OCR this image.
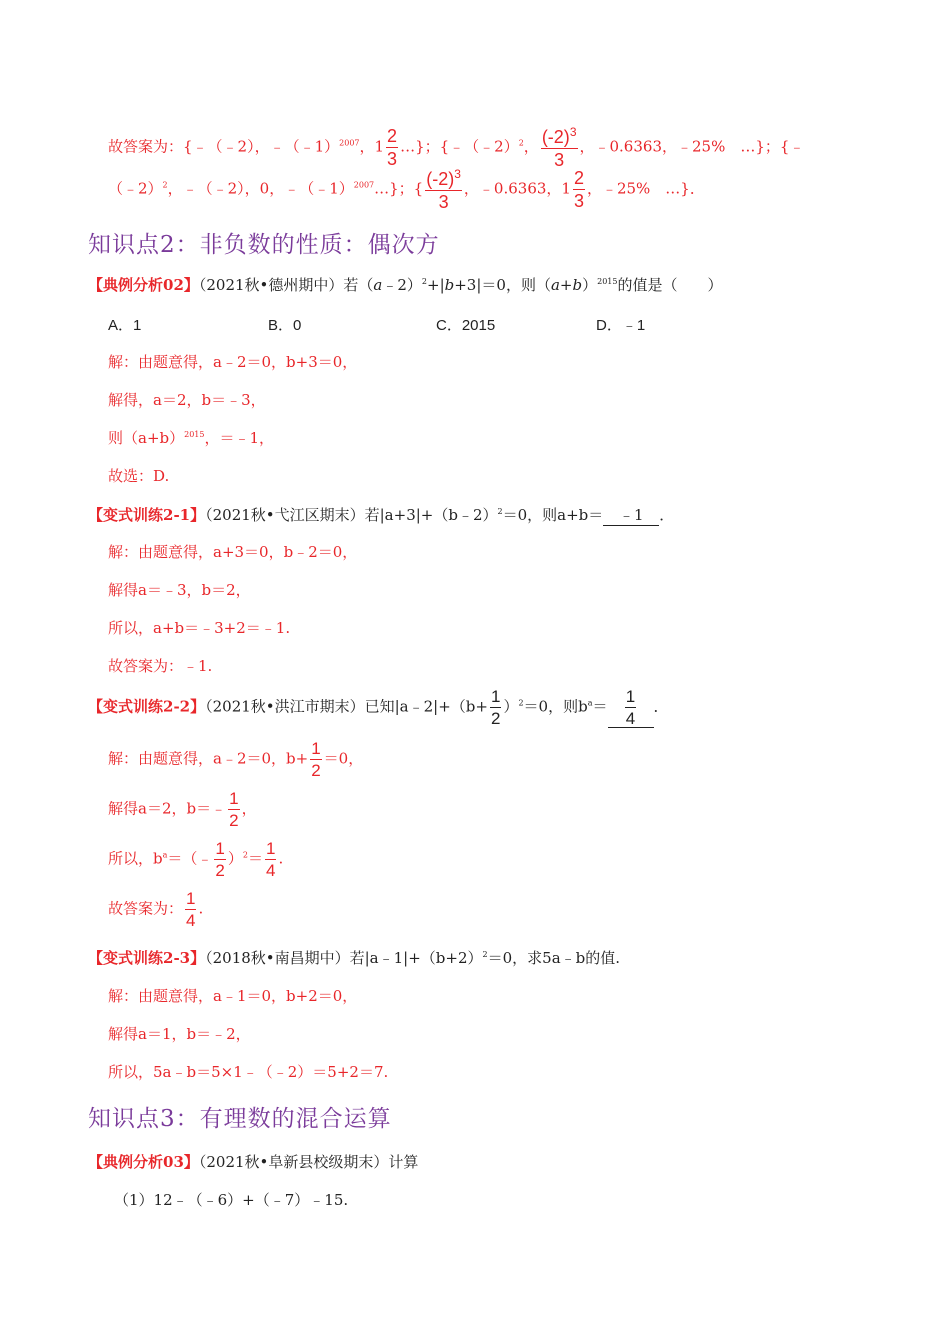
故答案为：{﹣（﹣2），﹣（﹣1）$^{2007}$，$1 \frac{2}{3}$ …}；{﹣（﹣2）$^2$， $\frac{(-2)^3}{3}$ ，﹣0.6363，﹣25%　…}；{﹣
（﹣2）$^2$，﹣（﹣2），0，﹣（﹣1）$^{2007}$…}；{ $\frac{(-2)^3}{3}$ ，﹣0.6363，$1 \frac{2}{3}$ ，﹣25%　…}．
知识点2：非负数的性质：偶次方
【典例分析02】（2021秋•德州期中）若（a﹣2）$^2$+|b+3|＝0，则$(a+b)^{2015}$的值是（　　）
A．1	B．0	C．2015	D．﹣1
解：由题意得，a﹣2＝0，b+3＝0，
解得，a＝2，b＝﹣3，
则$(a+b)^{2015}$，＝﹣1，
故选：D.
【变式训练2-1】（2021秋•弋江区期末）若|a+3|+（b﹣2）$^2$＝0，则a+b＝ ﹣1 ．
解：由题意得，a+3＝0，b﹣2＝0，
解得a＝﹣3，b＝2，
所以，a+b＝﹣3+2＝﹣1.
故答案为：﹣1.
【变式训练2-2】（2021秋•洪江市期末）已知|a﹣2|+（b+ $\frac{1}{2} )^2=0$，则$b^a= \frac{1}{4}$ ．
解：由题意得，a﹣2＝0，$b+ \frac{1}{2} =0$，
解得a＝2，b＝﹣ $\frac{1}{2}$ ，
所以，$b^a=(﹣ \frac{1}{2} )^2= \frac{1}{4}$ .
故答案为： $\frac{1}{4}$ .
【变式训练2-3】（2018秋•南昌期中）若$|a﹣1|+(b+2)^2=0$，求5a﹣b的值.
解：由题意得，a﹣1＝0，b+2＝0，
解得a＝1，b＝﹣2，
所以，5a﹣b＝5×1﹣（﹣2）＝5+2＝7.
知识点3：有理数的混合运算
【典例分析03】（2021秋•阜新县校级期末）计算
（1）12﹣（﹣6）+（﹣7）﹣15.
